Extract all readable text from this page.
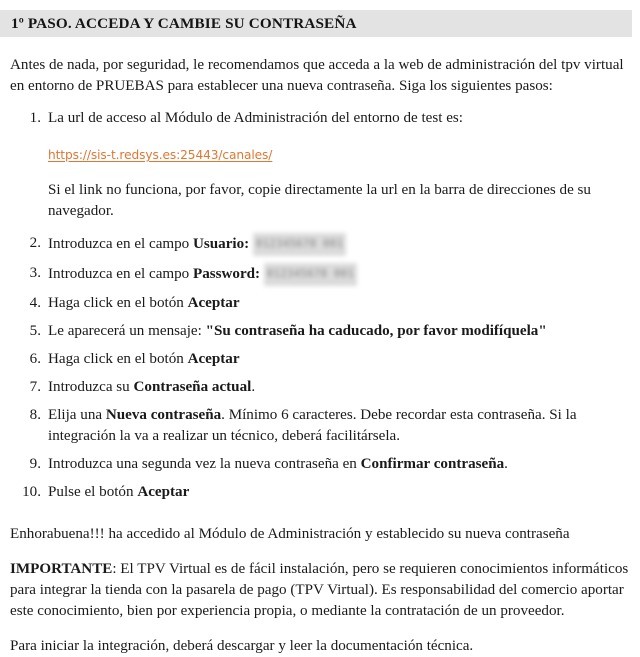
1º PASO. ACCEDA Y CAMBIE SU CONTRASEÑA

Antes de nada, por seguridad, le recomendamos que acceda a la web de administración del tpv virtual en entorno de PRUEBAS para establecer una nueva contraseña. Siga los siguientes pasos:

1. La url de acceso al Módulo de Administración del entorno de test es:
https://sis-t.redsys.es:25443/canales/
Si el link no funciona, por favor, copie directamente la url en la barra de direcciones de su navegador.
2. Introduzca en el campo Usuario: 012345678 001
3. Introduzca en el campo Password: 012345678 001
4. Haga click en el botón Aceptar
5. Le aparecerá un mensaje: "Su contraseña ha caducado, por favor modifíquela"
6. Haga click en el botón Aceptar
7. Introduzca su Contraseña actual.
8. Elija una Nueva contraseña. Mínimo 6 caracteres. Debe recordar esta contraseña. Si la integración la va a realizar un técnico, deberá facilitársela.
9. Introduzca una segunda vez la nueva contraseña en Confirmar contraseña.
10. Pulse el botón Aceptar

Enhorabuena!!! ha accedido al Módulo de Administración y establecido su nueva contraseña

IMPORTANTE: El TPV Virtual es de fácil instalación, pero se requieren conocimientos informáticos para integrar la tienda con la pasarela de pago (TPV Virtual). Es responsabilidad del comercio aportar este conocimiento, bien por experiencia propia, o mediante la contratación de un proveedor.

Para iniciar la integración, deberá descargar y leer la documentación técnica.
